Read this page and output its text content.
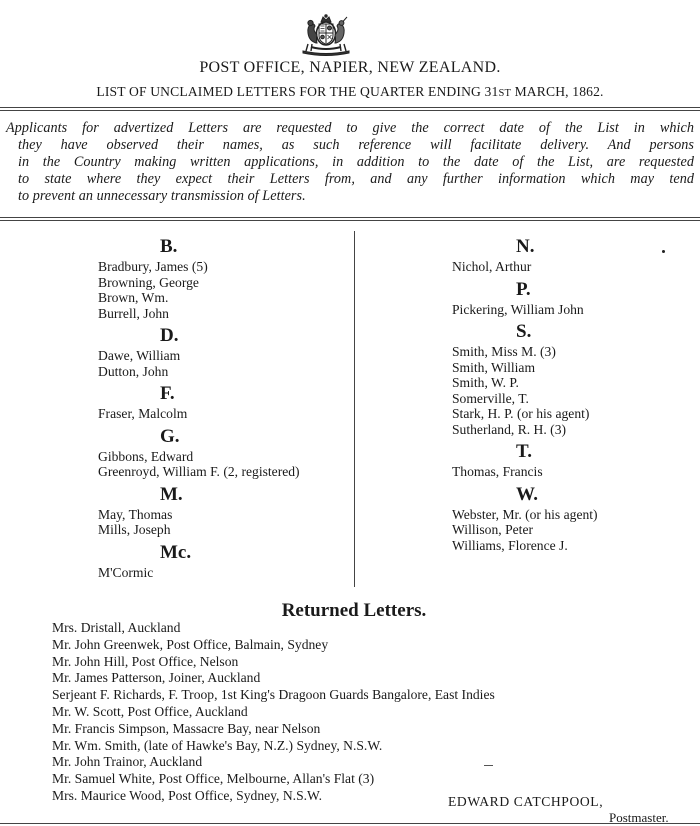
POST OFFICE, NAPIER, NEW ZEALAND.
LIST OF UNCLAIMED LETTERS FOR THE QUARTER ENDING 31ST MARCH, 1862.
Applicants for advertized Letters are requested to give the correct date of the List in which
they have observed their names, as such reference will facilitate delivery. And persons
in the Country making written applications, in addition to the date of the List, are requested
to state where they expect their Letters from, and any further information which may tend
to prevent an unnecessary transmission of Letters.
B.
Bradbury, James (5)
Browning, George
Brown, Wm.
Burrell, John
D.
Dawe, William
Dutton, John
F.
Fraser, Malcolm
G.
Gibbons, Edward
Greenroyd, William F. (2, registered)
M.
May, Thomas
Mills, Joseph
Mc.
M'Cormic
N.
Nichol, Arthur
P.
Pickering, William John
S.
Smith, Miss M. (3)
Smith, William
Smith, W. P.
Somerville, T.
Stark, H. P. (or his agent)
Sutherland, R. H. (3)
T.
Thomas, Francis
W.
Webster, Mr. (or his agent)
Willison, Peter
Williams, Florence J.
Returned Letters.
Mrs. Dristall, Auckland
Mr. John Greenwek, Post Office, Balmain, Sydney
Mr. John Hill, Post Office, Nelson
Mr. James Patterson, Joiner, Auckland
Serjeant F. Richards, F. Troop, 1st King's Dragoon Guards Bangalore, East Indies
Mr. W. Scott, Post Office, Auckland
Mr. Francis Simpson, Massacre Bay, near Nelson
Mr. Wm. Smith, (late of Hawke's Bay, N.Z.) Sydney, N.S.W.
Mr. John Trainor, Auckland
Mr. Samuel White, Post Office, Melbourne, Allan's Flat (3)
Mrs. Maurice Wood, Post Office, Sydney, N.S.W.	EDWARD CATCHPOOL,
Postmaster.
